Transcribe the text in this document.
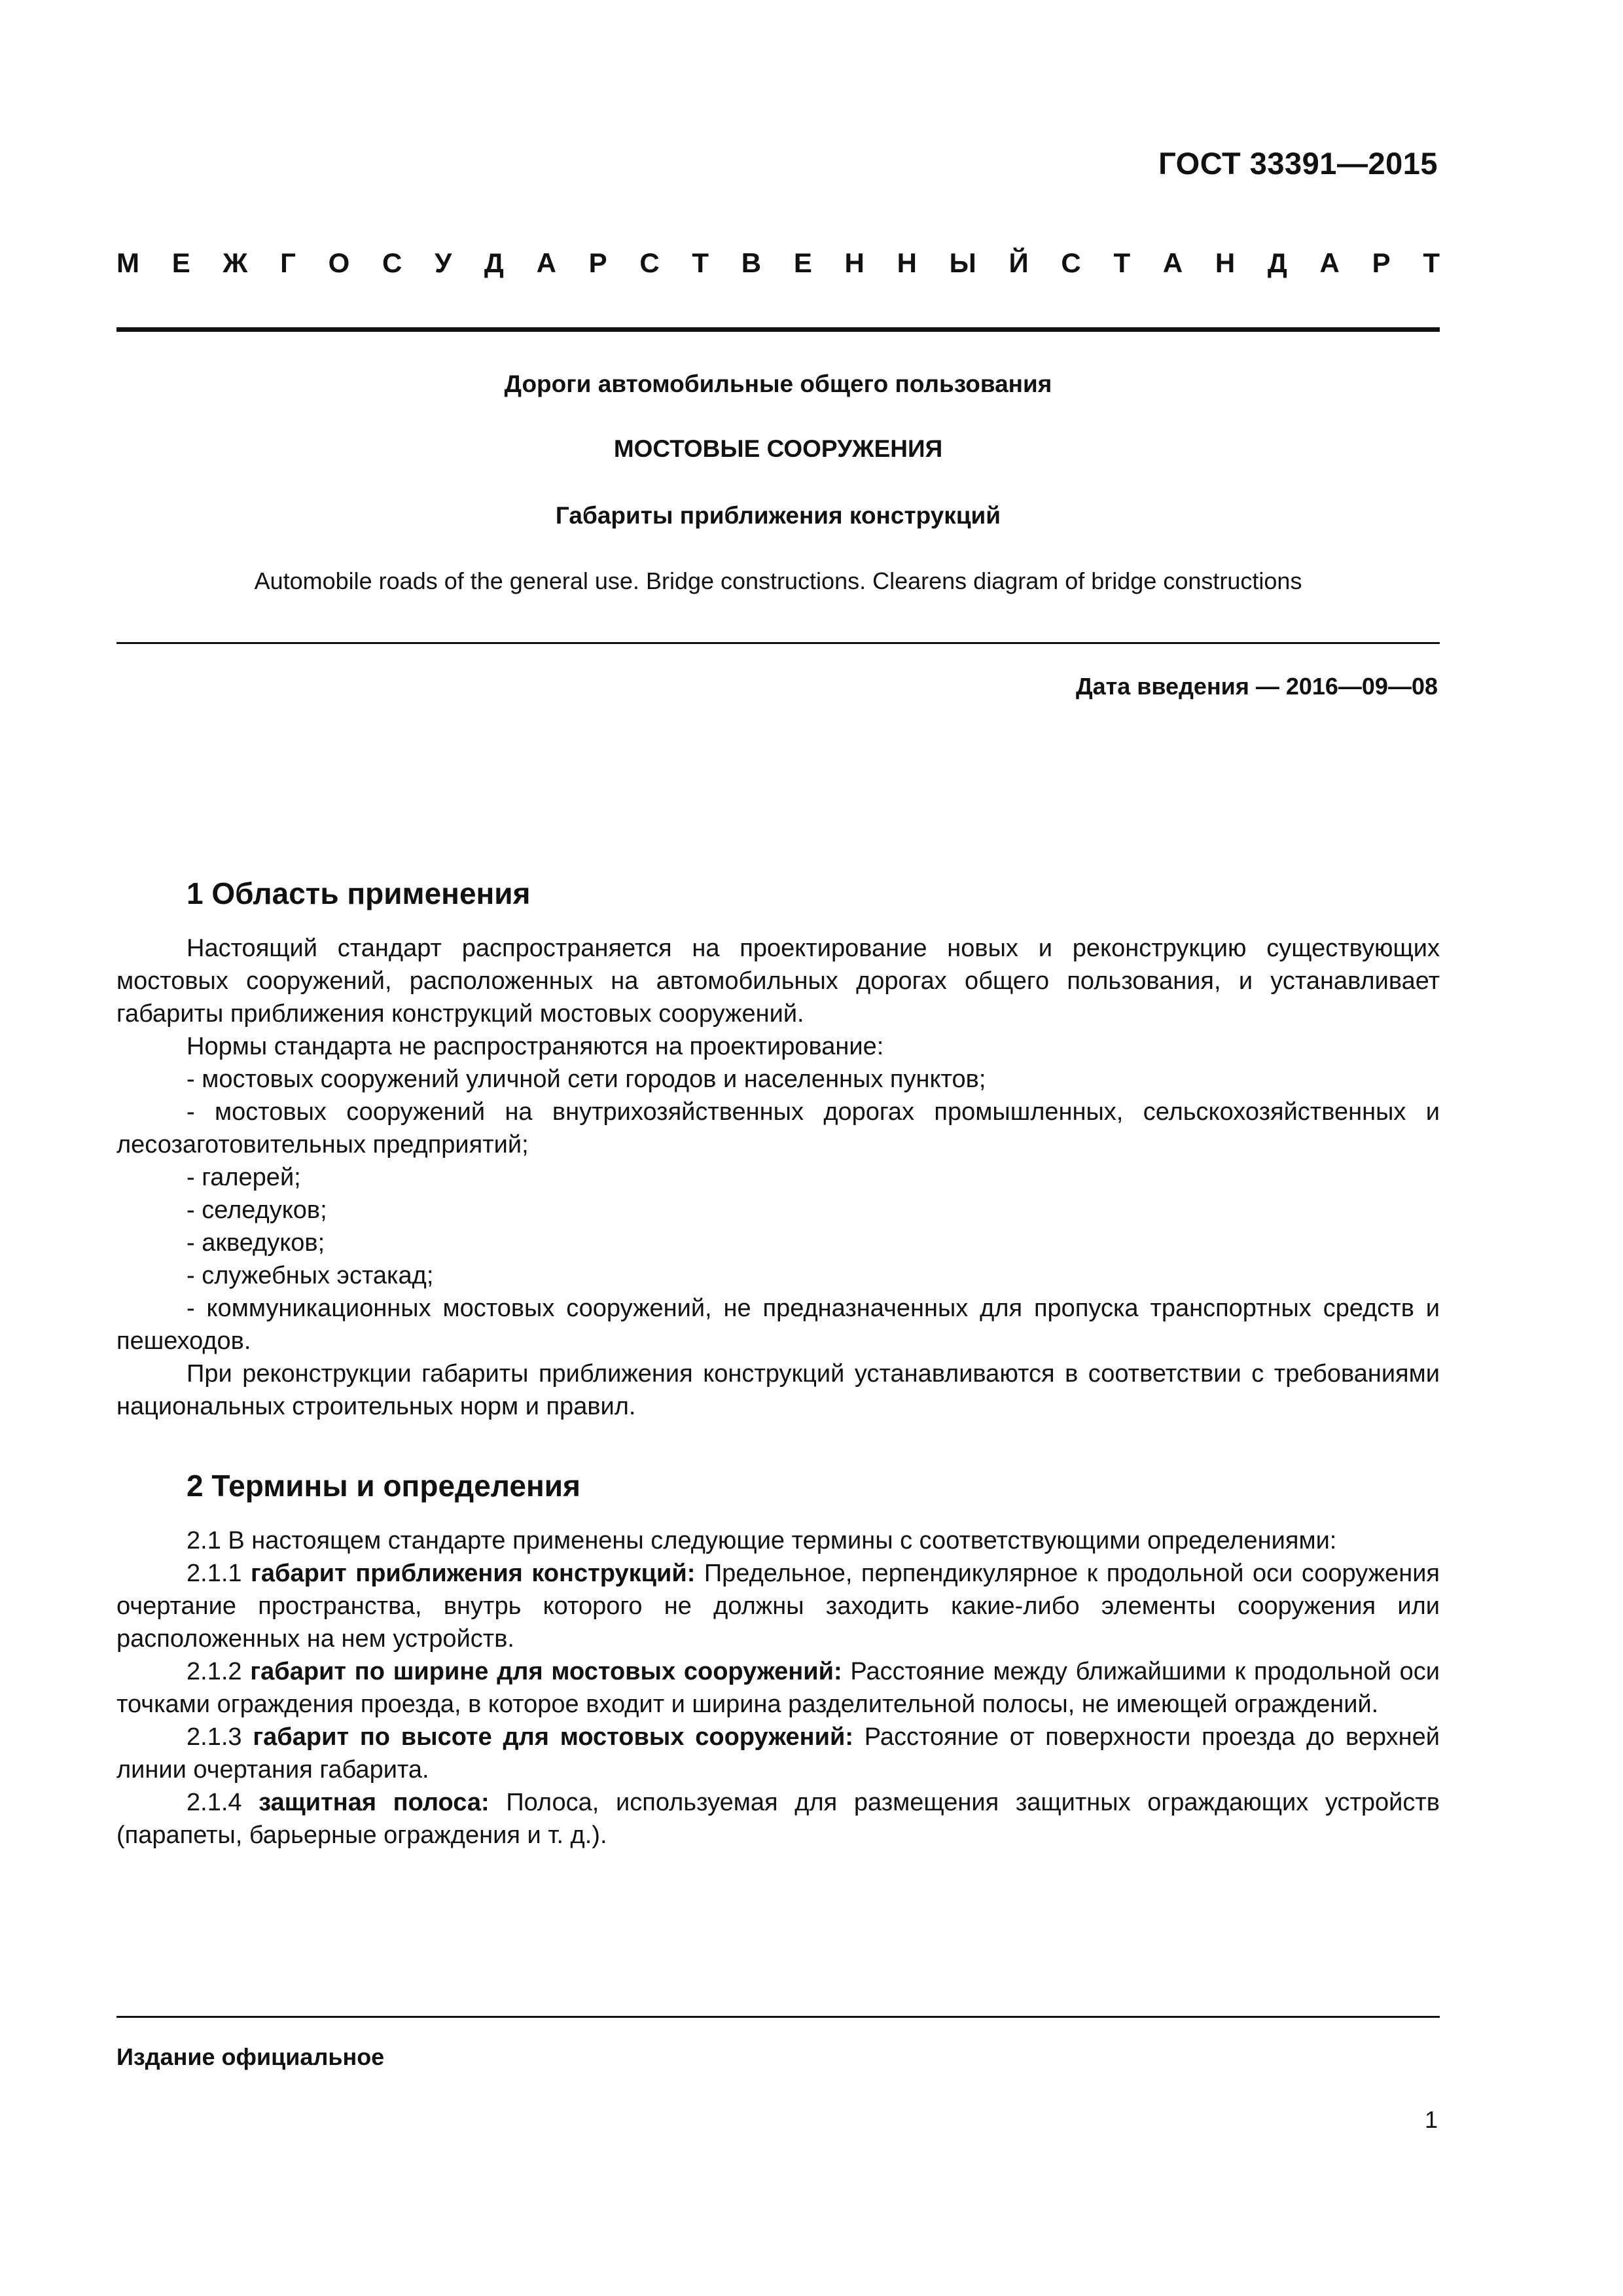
ГОСТ 33391—2015
М Е Ж Г О С У Д А Р С Т В Е Н Н Ы Й С Т А Н Д А Р Т
Дороги автомобильные общего пользования
МОСТОВЫЕ СООРУЖЕНИЯ
Габариты приближения конструкций
Automobile roads of the general use. Bridge constructions. Clearens diagram of bridge constructions
Дата введения — 2016—09—08
1 Область применения

Настоящий стандарт распространяется на проектирование новых и реконструкцию существующих мостовых сооружений, расположенных на автомобильных дорогах общего пользования, и устанавливает габариты приближения конструкций мостовых сооружений.

Нормы стандарта не распространяются на проектирование:

- мостовых сооружений уличной сети городов и населенных пунктов;

- мостовых сооружений на внутрихозяйственных дорогах промышленных, сельскохозяйственных и лесозаготовительных предприятий;

- галерей;

- селедуков;

- акведуков;

- служебных эстакад;

- коммуникационных мостовых сооружений, не предназначенных для пропуска транспортных средств и пешеходов.

При реконструкции габариты приближения конструкций устанавливаются в соответствии с требованиями национальных строительных норм и правил.

2 Термины и определения

2.1 В настоящем стандарте применены следующие термины с соответствующими определениями:

2.1.1 габарит приближения конструкций: Предельное, перпендикулярное к продольной оси сооружения очертание пространства, внутрь которого не должны заходить какие-либо элементы сооружения или расположенных на нем устройств.

2.1.2 габарит по ширине для мостовых сооружений: Расстояние между ближайшими к продольной оси точками ограждения проезда, в которое входит и ширина разделительной полосы, не имеющей ограждений.

2.1.3 габарит по высоте для мостовых сооружений: Расстояние от поверхности проезда до верхней линии очертания габарита.

2.1.4 защитная полоса: Полоса, используемая для размещения защитных ограждающих устройств (парапеты, барьерные ограждения и т. д.).

Издание официальное
1
